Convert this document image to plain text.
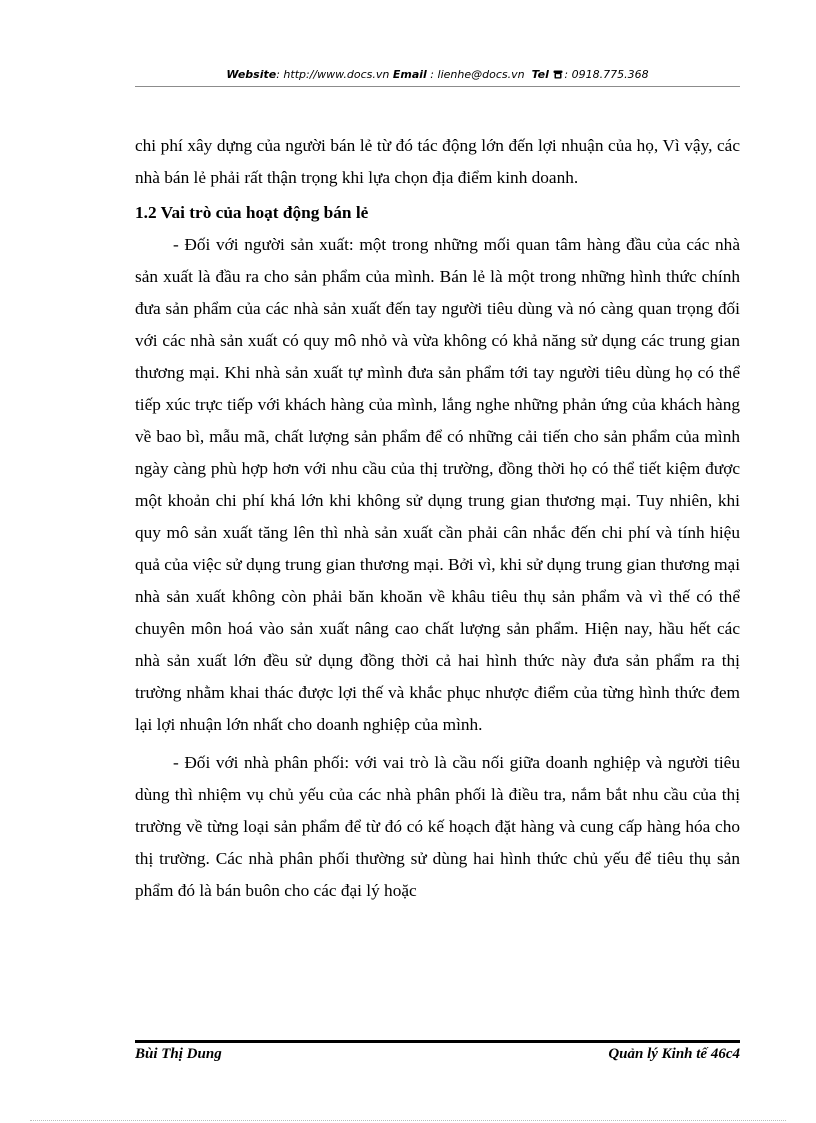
Website: http://www.docs.vn Email : lienhe@docs.vn Tel : 0918.775.368

chi phí xây dựng của người bán lẻ từ đó tác động lớn đến lợi nhuận của họ, Vì vậy, các nhà bán lẻ phải rất thận trọng khi lựa chọn địa điểm kinh doanh.

1.2 Vai trò của hoạt động bán lẻ

- Đối với người sản xuất: một trong những mối quan tâm hàng đầu của các nhà sản xuất là đầu ra cho sản phẩm của mình. Bán lẻ là một trong những hình thức chính đưa sản phẩm của các nhà sản xuất đến tay người tiêu dùng và nó càng quan trọng đối với các nhà sản xuất có quy mô nhỏ và vừa không có khả năng sử dụng các trung gian thương mại. Khi nhà sản xuất tự mình đưa sản phẩm tới tay người tiêu dùng họ có thể tiếp xúc trực tiếp với khách hàng của mình, lắng nghe những phản ứng của khách hàng về bao bì, mẫu mã, chất lượng sản phẩm để có những cải tiến cho sản phẩm của mình ngày càng phù hợp hơn với nhu cầu của thị trường, đồng thời họ có thể tiết kiệm được một khoản chi phí khá lớn khi không sử dụng trung gian thương mại. Tuy nhiên, khi quy mô sản xuất tăng lên thì nhà sản xuất cần phải cân nhắc đến chi phí và tính hiệu quả của việc sử dụng trung gian thương mại. Bởi vì, khi sử dụng trung gian thương mại nhà sản xuất không còn phải băn khoăn về khâu tiêu thụ sản phẩm và vì thế có thể chuyên môn hoá vào sản xuất nâng cao chất lượng sản phẩm. Hiện nay, hầu hết các nhà sản xuất lớn đều sử dụng đồng thời cả hai hình thức này đưa sản phẩm ra thị trường nhằm khai thác được lợi thế và khắc phục nhược điểm của từng hình thức đem lại lợi nhuận lớn nhất cho doanh nghiệp của mình.

- Đối với nhà phân phối: với vai trò là cầu nối giữa doanh nghiệp và người tiêu dùng thì nhiệm vụ chủ yếu của các nhà phân phối là điều tra, nắm bắt nhu cầu của thị trường về từng loại sản phẩm để từ đó có kế hoạch đặt hàng và cung cấp hàng hóa cho thị trường. Các nhà phân phối thường sử dùng hai hình thức chủ yếu để tiêu thụ sản phẩm đó là bán buôn cho các đại lý hoặc

Bùi Thị Dung	Quản lý Kinh tế 46c4
